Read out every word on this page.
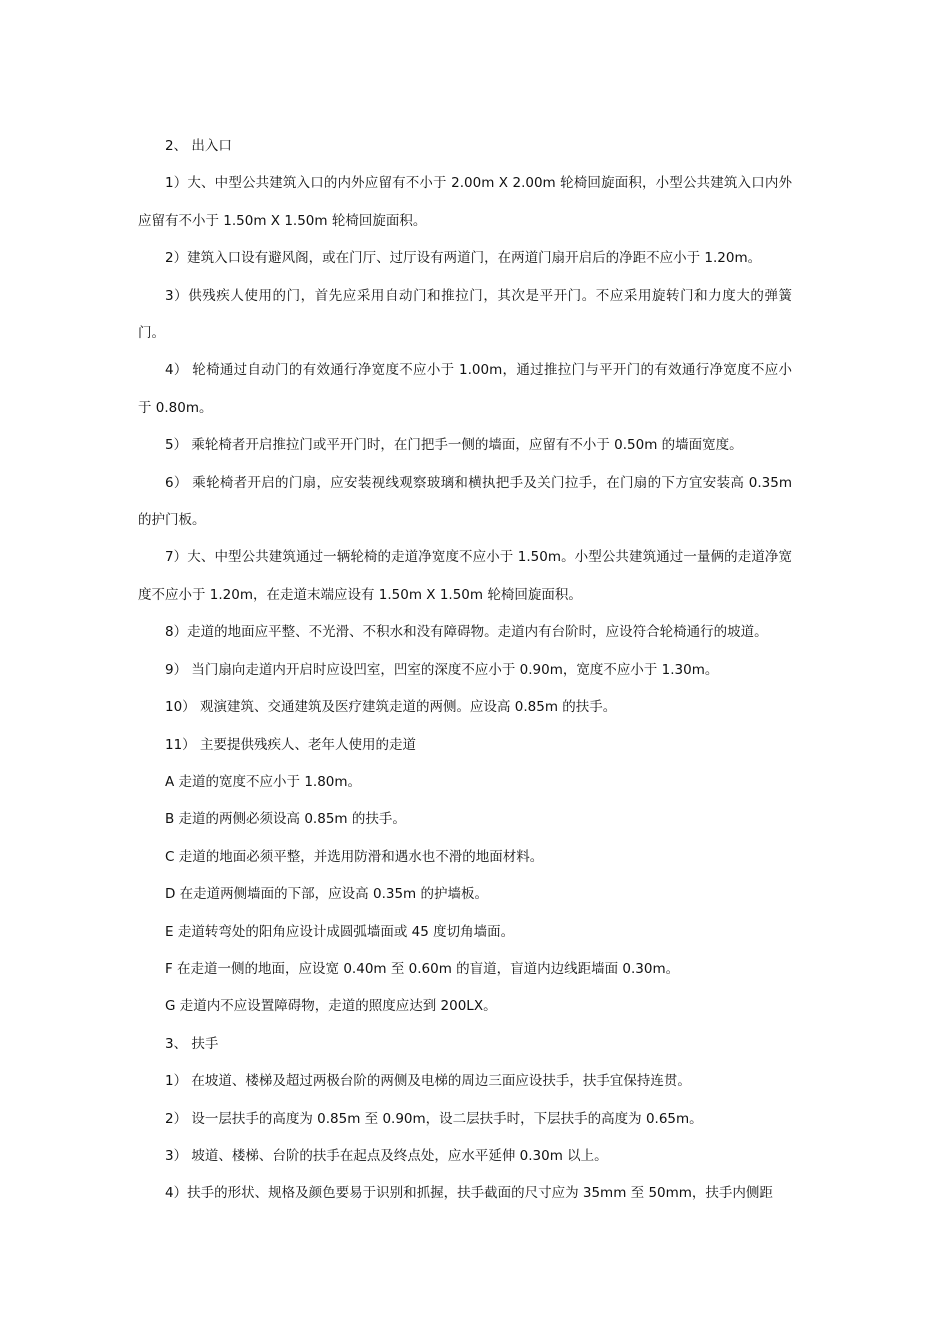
2、 出入口

1）大、中型公共建筑入口的内外应留有不小于 2.00m X 2.00m 轮椅回旋面积，小型公共建筑入口内外应留有不小于 1.50m X 1.50m 轮椅回旋面积。

2）建筑入口设有避风阁，或在门厅、过厅设有两道门，在两道门扇开启后的净距不应小于 1.20m。

3）供残疾人使用的门，首先应采用自动门和推拉门，其次是平开门。不应采用旋转门和力度大的弹簧门。

4） 轮椅通过自动门的有效通行净宽度不应小于 1.00m，通过推拉门与平开门的有效通行净宽度不应小于 0.80m。

5） 乘轮椅者开启推拉门或平开门时，在门把手一侧的墙面，应留有不小于 0.50m 的墙面宽度。

6） 乘轮椅者开启的门扇，应安装视线观察玻璃和横执把手及关门拉手，在门扇的下方宜安装高 0.35m 的护门板。

7）大、中型公共建筑通过一辆轮椅的走道净宽度不应小于 1.50m。小型公共建筑通过一量俩的走道净宽度不应小于 1.20m，在走道末端应设有 1.50m X 1.50m 轮椅回旋面积。

8）走道的地面应平整、不光滑、不积水和没有障碍物。走道内有台阶时，应设符合轮椅通行的坡道。

9） 当门扇向走道内开启时应设凹室，凹室的深度不应小于 0.90m，宽度不应小于 1.30m。

10） 观演建筑、交通建筑及医疗建筑走道的两侧。应设高 0.85m 的扶手。

11） 主要提供残疾人、老年人使用的走道

A 走道的宽度不应小于 1.80m。

B 走道的两侧必须设高 0.85m 的扶手。

C 走道的地面必须平整，并选用防滑和遇水也不滑的地面材料。

D 在走道两侧墙面的下部，应设高 0.35m 的护墙板。

E 走道转弯处的阳角应设计成圆弧墙面或 45 度切角墙面。

F 在走道一侧的地面，应设宽 0.40m 至 0.60m 的盲道，盲道内边线距墙面 0.30m。

G 走道内不应设置障碍物，走道的照度应达到 200LX。

3、 扶手

1） 在坡道、楼梯及超过两极台阶的两侧及电梯的周边三面应设扶手，扶手宜保持连贯。

2） 设一层扶手的高度为 0.85m 至 0.90m，设二层扶手时，下层扶手的高度为 0.65m。

3） 坡道、楼梯、台阶的扶手在起点及终点处，应水平延伸 0.30m 以上。

4）扶手的形状、规格及颜色要易于识别和抓握，扶手截面的尺寸应为 35mm 至 50mm，扶手内侧距
